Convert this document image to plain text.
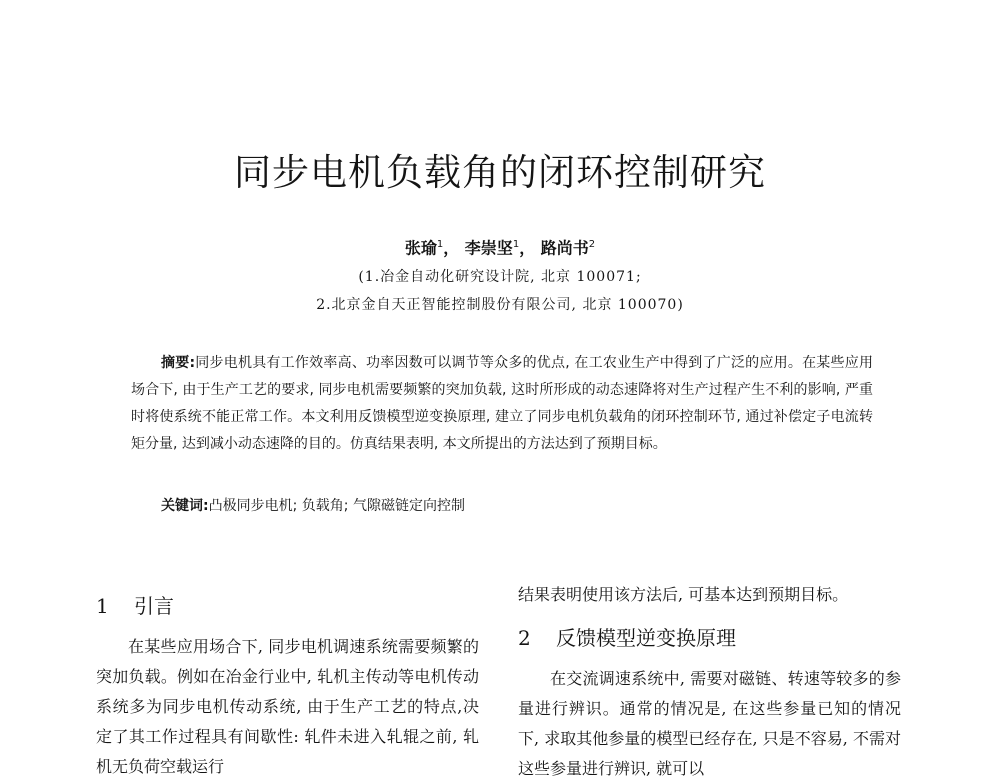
同步电机负载角的闭环控制研究
张瑜$^1$， 李崇坚$^1$， 路尚书$^2$
(1.冶金自动化研究设计院, 北京 100071;
2.北京金自天正智能控制股份有限公司, 北京 100070)

摘要:同步电机具有工作效率高、功率因数可以调节等众多的优点, 在工农业生产中得到了广泛的应用。在某些应用场合下, 由于生产工艺的要求, 同步电机需要频繁的突加负载, 这时所形成的动态速降将对生产过程产生不利的影响, 严重时将使系统不能正常工作。本文利用反馈模型逆变换原理, 建立了同步电机负载角的闭环控制环节, 通过补偿定子电流转矩分量, 达到减小动态速降的目的。仿真结果表明, 本文所提出的方法达到了预期目标。

关键词:凸极同步电机; 负载角; 气隙磁链定向控制

1 引言

在某些应用场合下, 同步电机调速系统需要频繁的突加负载。例如在冶金行业中, 轧机主传动等电机传动系统多为同步电机传动系统, 由于生产工艺的特点,决定了其工作过程具有间歇性: 轧件未进入轧辊之前, 轧机无负荷空载运行

结果表明使用该方法后, 可基本达到预期目标。

2 反馈模型逆变换原理

在交流调速系统中, 需要对磁链、转速等较多的参量进行辨识。通常的情况是, 在这些参量已知的情况下, 求取其他参量的模型已经存在, 只是不容易, 不需对这些参量进行辨识, 就可以
